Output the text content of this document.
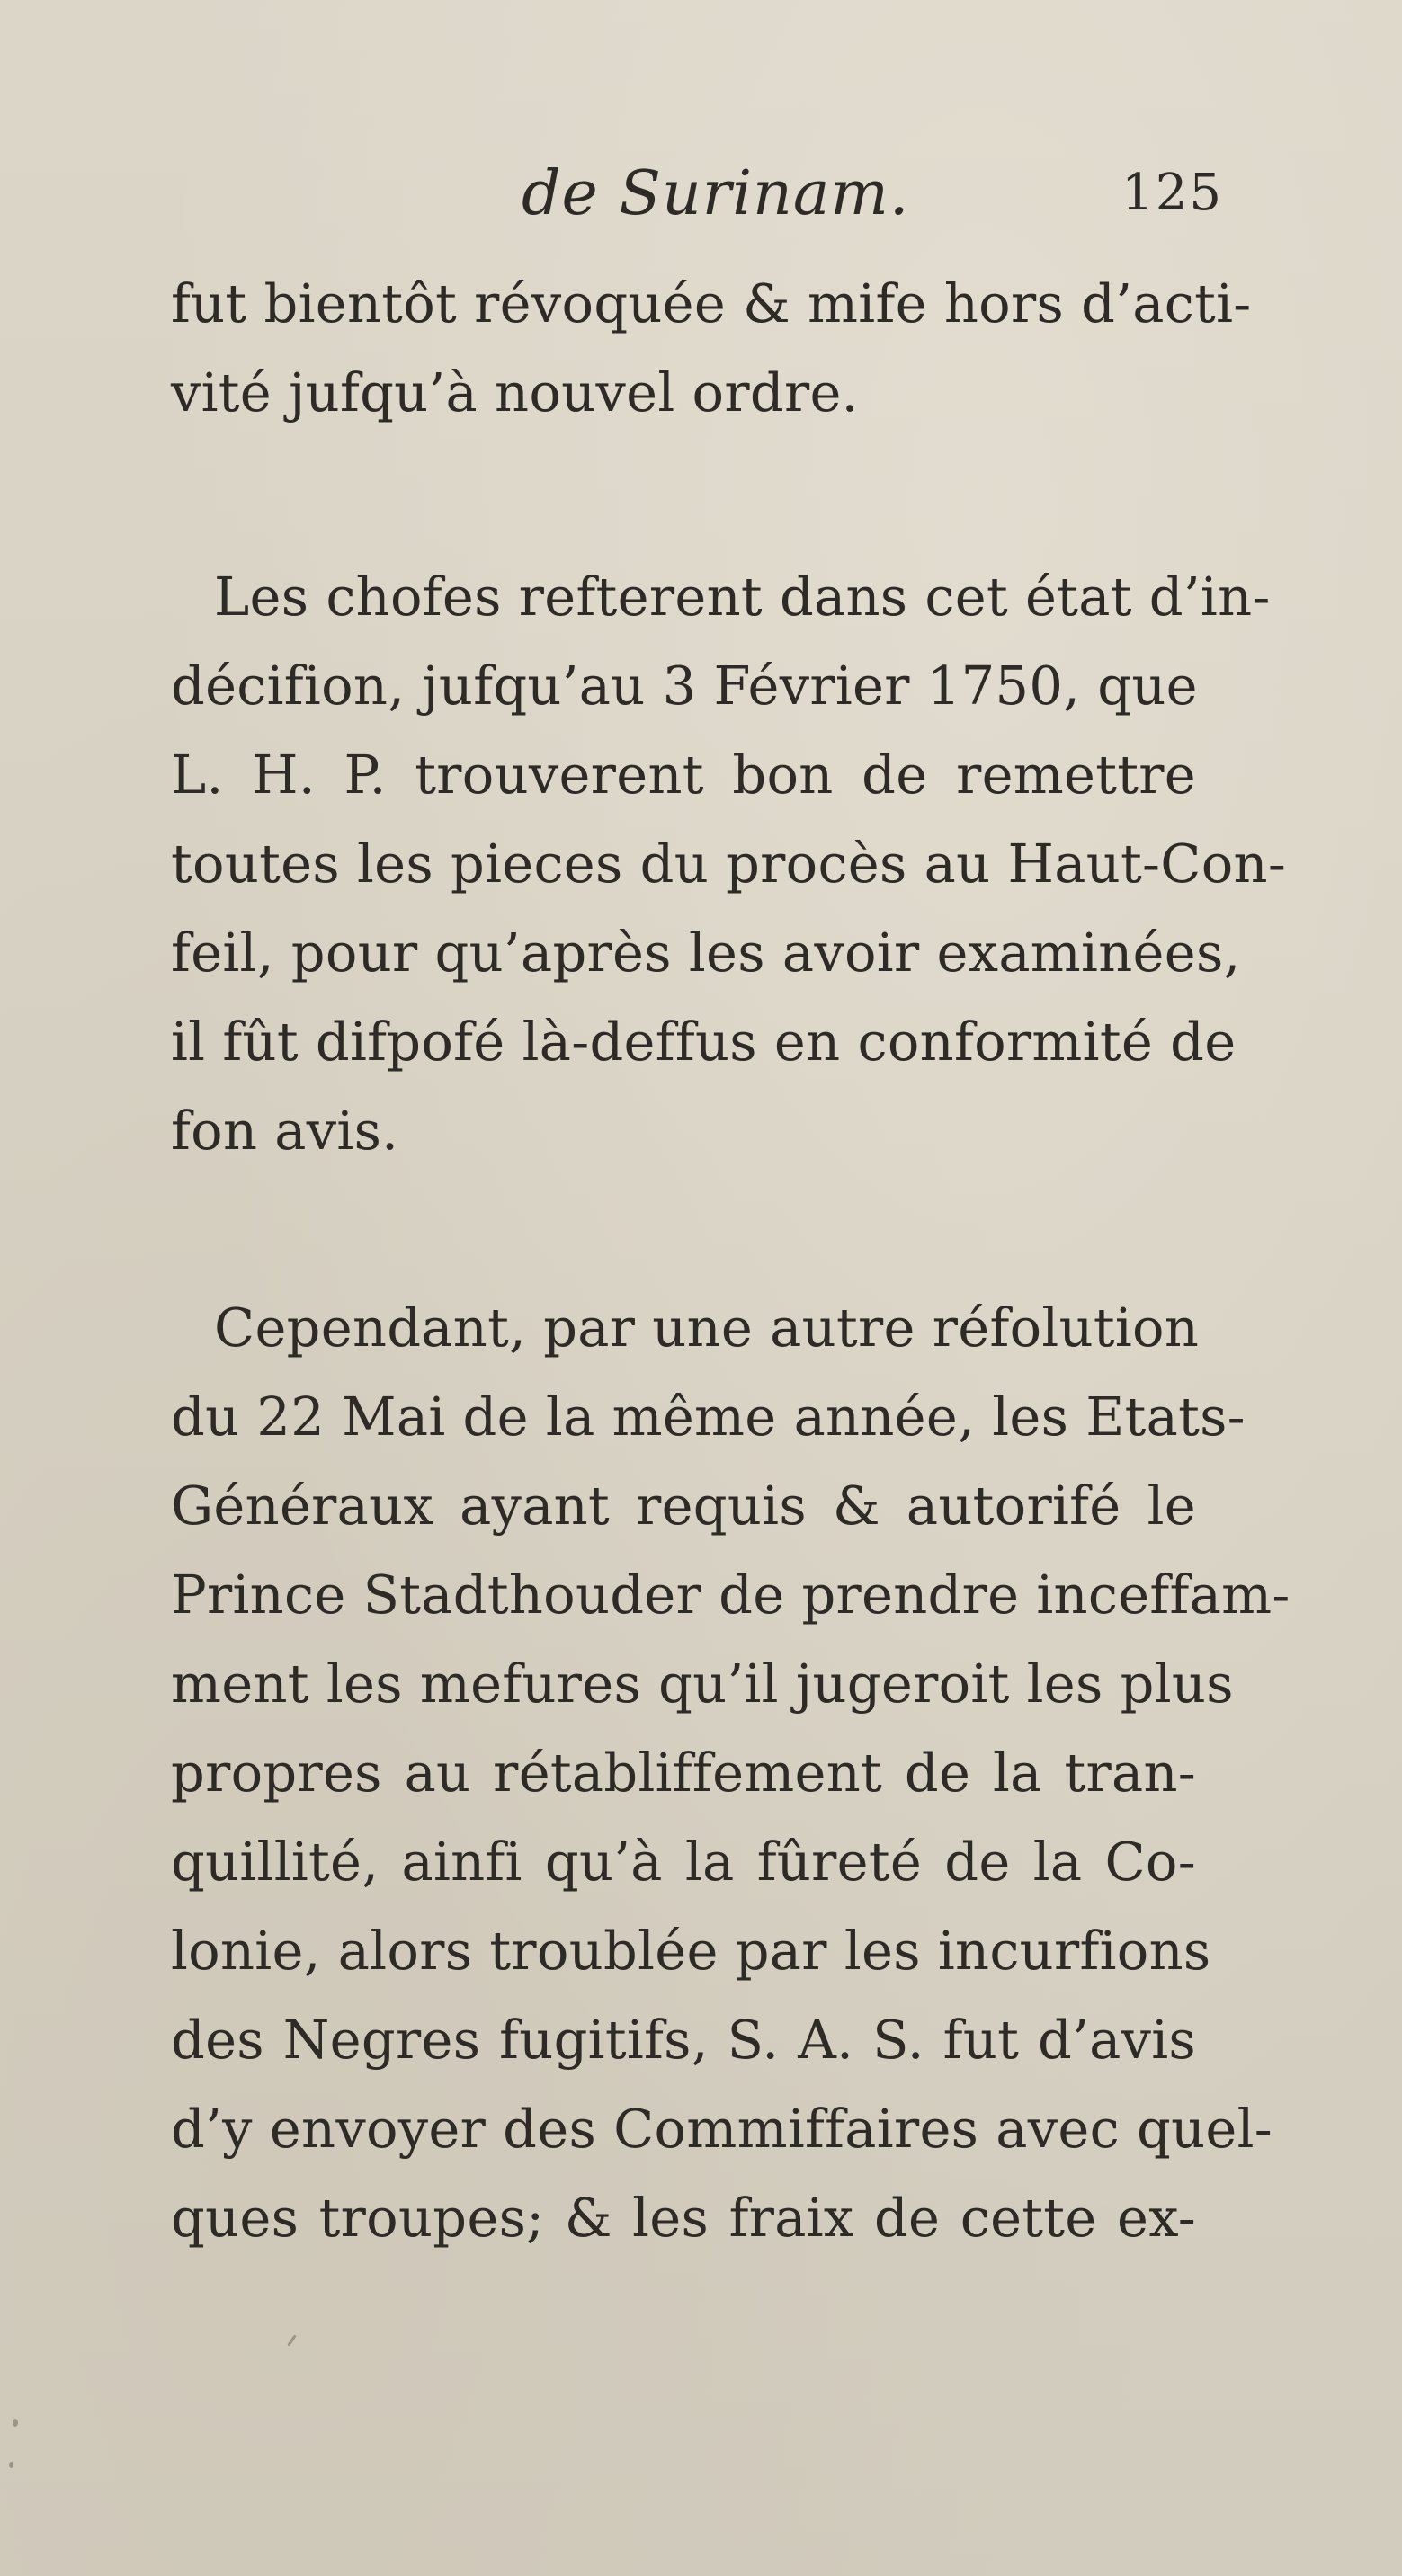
de Surinam.	125
fut bientôt révoquée & mife hors d’acti-
vité jufqu’à nouvel ordre.
Les chofes refterent dans cet état d’in-
décifion, jufqu’au 3 Février 1750, que
L. H. P. trouverent bon de remettre
toutes les pieces du procès au Haut-Con-
feil, pour qu’après les avoir examinées,
il fût difpofé là-deffus en conformité de
fon avis.
Cependant, par une autre réfolution
du 22 Mai de la même année, les Etats-
Généraux ayant requis & autorifé le
Prince Stadthouder de prendre inceffam-
ment les mefures qu’il jugeroit les plus
propres au rétabliffement de la tran-
quillité, ainfi qu’à la fûreté de la Co-
lonie, alors troublée par les incurfions
des Negres fugitifs, S. A. S. fut d’avis
d’y envoyer des Commiffaires avec quel-
ques troupes; & les fraix de cette ex-
